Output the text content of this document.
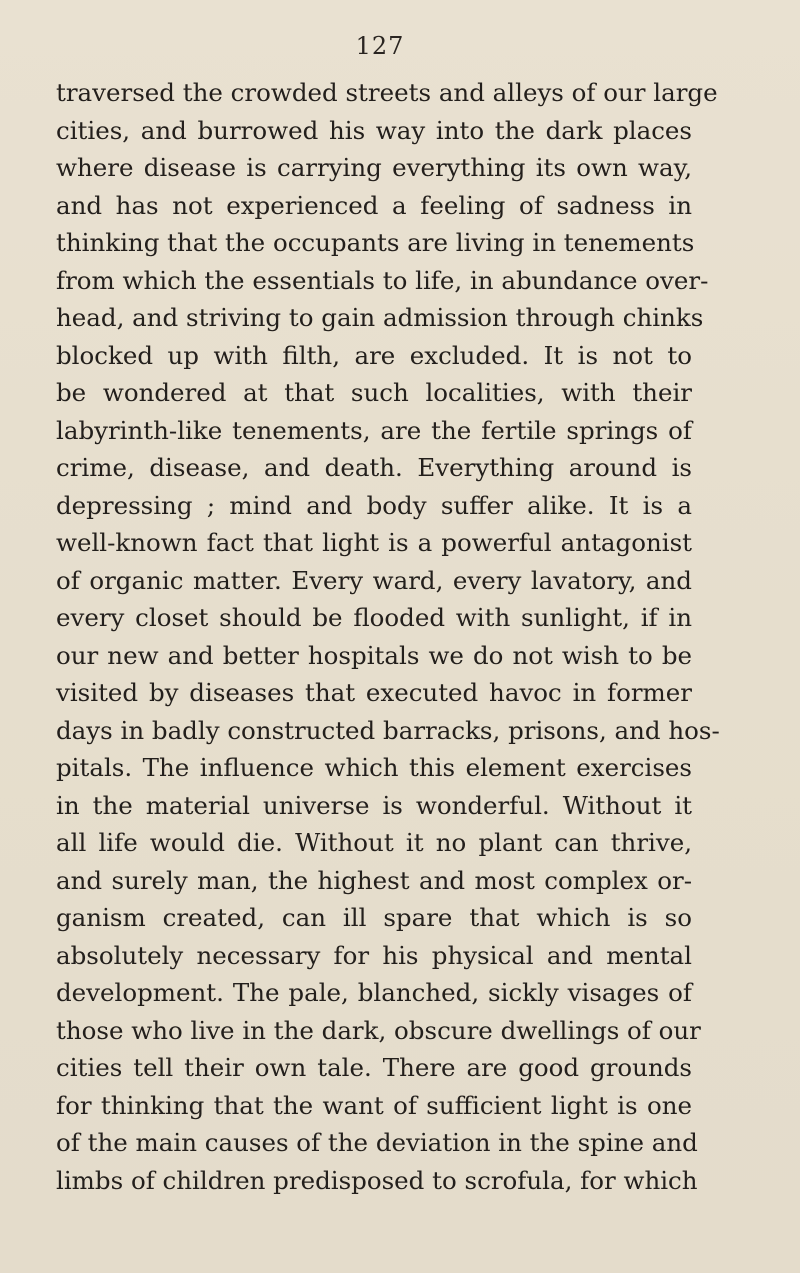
127
traversed the crowded streets and alleys of our large
cities, and burrowed his way into the dark places
where disease is carrying everything its own way,
and has not experienced a feeling of sadness in
thinking that the occupants are living in tenements
from which the essentials to life, in abundance over-
head, and striving to gain admission through chinks
blocked up with filth, are excluded. It is not to
be wondered at that such localities, with their
labyrinth-like tenements, are the fertile springs of
crime, disease, and death. Everything around is
depressing ; mind and body suffer alike. It is a
well-known fact that light is a powerful antagonist
of organic matter. Every ward, every lavatory, and
every closet should be flooded with sunlight, if in
our new and better hospitals we do not wish to be
visited by diseases that executed havoc in former
days in badly constructed barracks, prisons, and hos-
pitals. The influence which this element exercises
in the material universe is wonderful. Without it
all life would die. Without it no plant can thrive,
and surely man, the highest and most complex or-
ganism created, can ill spare that which is so
absolutely necessary for his physical and mental
development. The pale, blanched, sickly visages of
those who live in the dark, obscure dwellings of our
cities tell their own tale. There are good grounds
for thinking that the want of sufficient light is one
of the main causes of the deviation in the spine and
limbs of children predisposed to scrofula, for which
